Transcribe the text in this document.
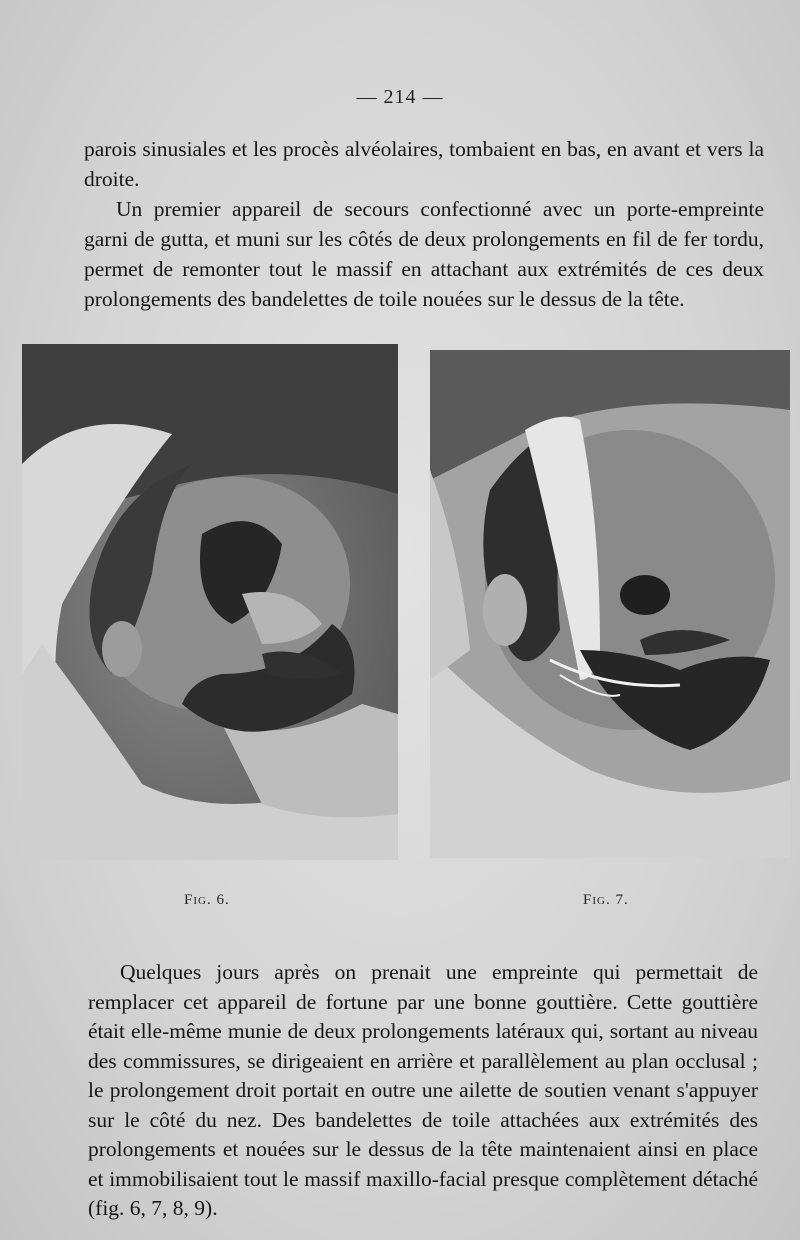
— 214 —

parois sinusiales et les procès alvéolaires, tombaient en bas, en avant et vers la droite.

Un premier appareil de secours confectionné avec un porte-empreinte garni de gutta, et muni sur les côtés de deux prolongements en fil de fer tordu, permet de remonter tout le massif en attachant aux extrémités de ces deux prolongements des bandelettes de toile nouées sur le dessus de la tête.

Fig. 6.	Fig. 7.

Quelques jours après on prenait une empreinte qui permettait de remplacer cet appareil de fortune par une bonne gouttière. Cette gouttière était elle-même munie de deux prolongements latéraux qui, sortant au niveau des commissures, se dirigeaient en arrière et parallèlement au plan occlusal ; le prolongement droit portait en outre une ailette de soutien venant s'appuyer sur le côté du nez. Des bandelettes de toile attachées aux extrémités des prolongements et nouées sur le dessus de la tête maintenaient ainsi en place et immobilisaient tout le massif maxillo-facial presque complètement détaché (fig. 6, 7, 8, 9).
